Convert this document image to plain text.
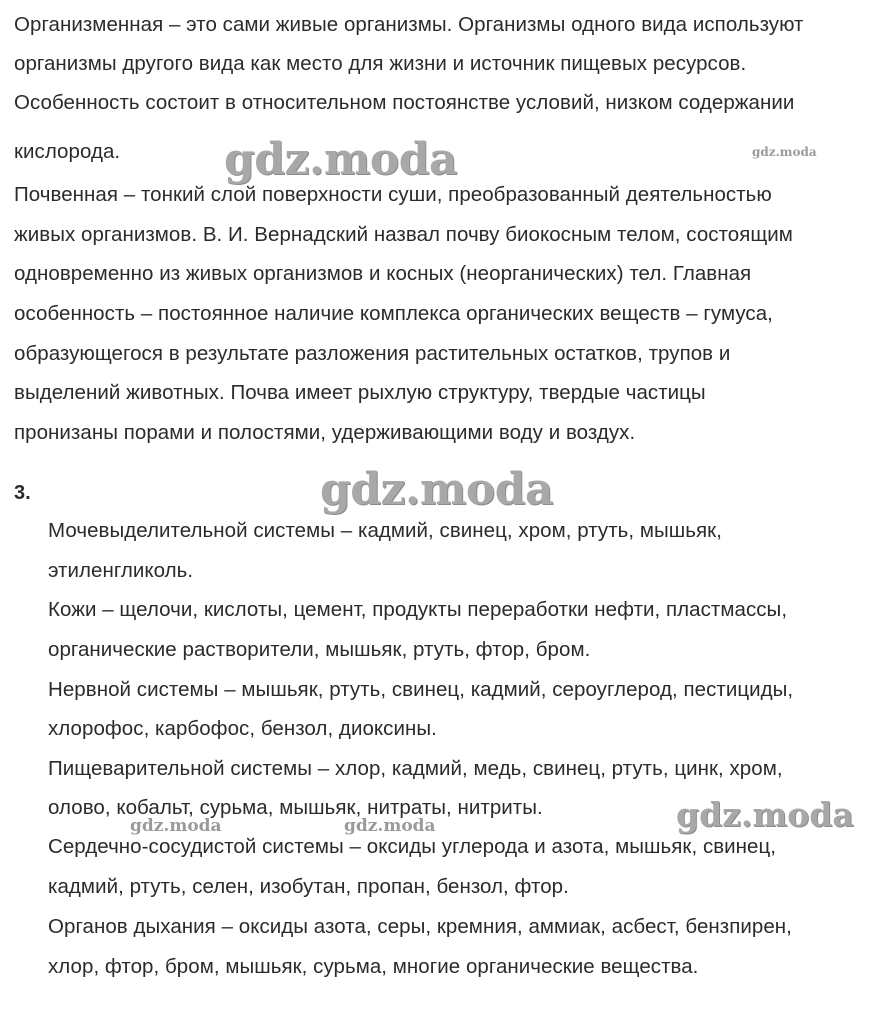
Организменная – это сами живые организмы. Организмы одного вида используют
организмы другого вида как место для жизни и источник пищевых ресурсов.
Особенность состоит в относительном постоянстве условий, низком содержании
кислорода.
Почвенная – тонкий слой поверхности суши, преобразованный деятельностью
живых организмов. В. И. Вернадский назвал почву биокосным телом, состоящим
одновременно из живых организмов и косных (неорганических) тел. Главная
особенность – постоянное наличие комплекса органических веществ – гумуса,
образующегося в результате разложения растительных остатков, трупов и
выделений животных. Почва имеет рыхлую структуру, твердые частицы
пронизаны порами и полостями, удерживающими воду и воздух.
3.
Мочевыделительной системы – кадмий, свинец, хром, ртуть, мышьяк,
этиленгликоль.
Кожи – щелочи, кислоты, цемент, продукты переработки нефти, пластмассы,
органические растворители, мышьяк, ртуть, фтор, бром.
Нервной системы – мышьяк, ртуть, свинец, кадмий, сероуглерод, пестициды,
хлорофос, карбофос, бензол, диоксины.
Пищеварительной системы – хлор, кадмий, медь, свинец, ртуть, цинк, хром,
олово, кобальт, сурьма, мышьяк, нитраты, нитриты.
Сердечно-сосудистой системы – оксиды углерода и азота, мышьяк, свинец,
кадмий, ртуть, селен, изобутан, пропан, бензол, фтор.
Органов дыхания – оксиды азота, серы, кремния, аммиак, асбест, бензпирен,
хлор, фтор, бром, мышьяк, сурьма, многие органические вещества.
gdz.moda	gdz.moda
gdz.moda
gdz.moda
gdz.moda	gdz.moda
